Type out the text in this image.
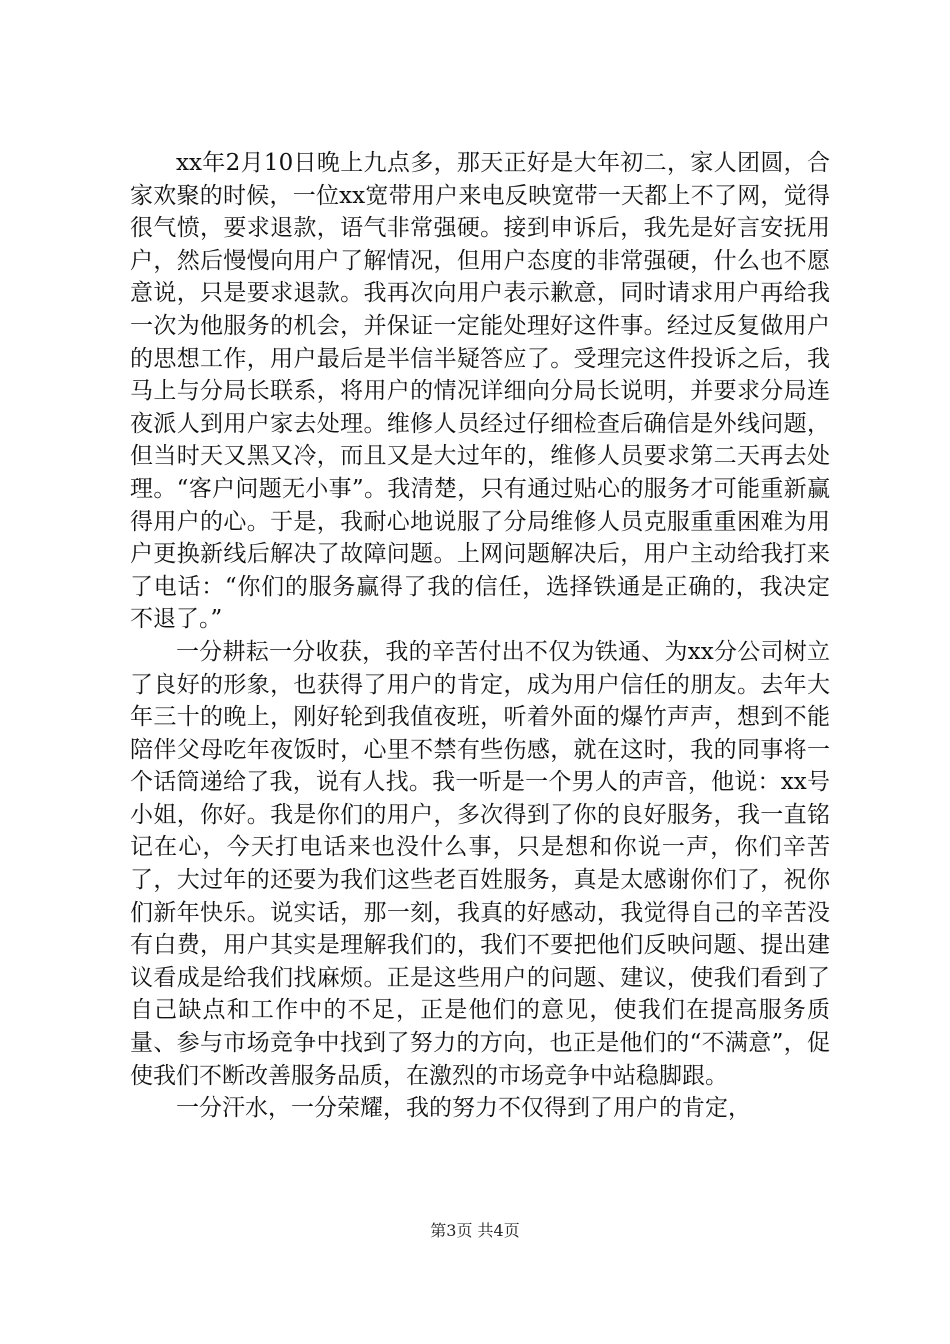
xx年2月10日晚上九点多，那天正好是大年初二，家人团圆，合家欢聚的时候，一位xx宽带用户来电反映宽带一天都上不了网，觉得很气愤，要求退款，语气非常强硬。接到申诉后，我先是好言安抚用户，然后慢慢向用户了解情况，但用户态度的非常强硬，什么也不愿意说，只是要求退款。我再次向用户表示歉意，同时请求用户再给我一次为他服务的机会，并保证一定能处理好这件事。经过反复做用户的思想工作，用户最后是半信半疑答应了。受理完这件投诉之后，我马上与分局长联系，将用户的情况详细向分局长说明，并要求分局连夜派人到用户家去处理。维修人员经过仔细检查后确信是外线问题，但当时天又黑又冷，而且又是大过年的，维修人员要求第二天再去处理。“客户问题无小事”。我清楚，只有通过贴心的服务才可能重新赢得用户的心。于是，我耐心地说服了分局维修人员克服重重困难为用户更换新线后解决了故障问题。上网问题解决后，用户主动给我打来了电话：“你们的服务赢得了我的信任，选择铁通是正确的，我决定不退了。”

一分耕耘一分收获，我的辛苦付出不仅为铁通、为xx分公司树立了良好的形象，也获得了用户的肯定，成为用户信任的朋友。去年大年三十的晚上，刚好轮到我值夜班，听着外面的爆竹声声，想到不能陪伴父母吃年夜饭时，心里不禁有些伤感，就在这时，我的同事将一个话筒递给了我，说有人找。我一听是一个男人的声音，他说：xx号小姐，你好。我是你们的用户，多次得到了你的良好服务，我一直铭记在心，今天打电话来也没什么事，只是想和你说一声，你们辛苦了，大过年的还要为我们这些老百姓服务，真是太感谢你们了，祝你们新年快乐。说实话，那一刻，我真的好感动，我觉得自己的辛苦没有白费，用户其实是理解我们的，我们不要把他们反映问题、提出建议看成是给我们找麻烦。正是这些用户的问题、建议，使我们看到了自己缺点和工作中的不足，正是他们的意见，使我们在提高服务质量、参与市场竞争中找到了努力的方向，也正是他们的“不满意”，促使我们不断改善服务品质，在激烈的市场竞争中站稳脚跟。

一分汗水，一分荣耀，我的努力不仅得到了用户的肯定，

第3页 共4页
